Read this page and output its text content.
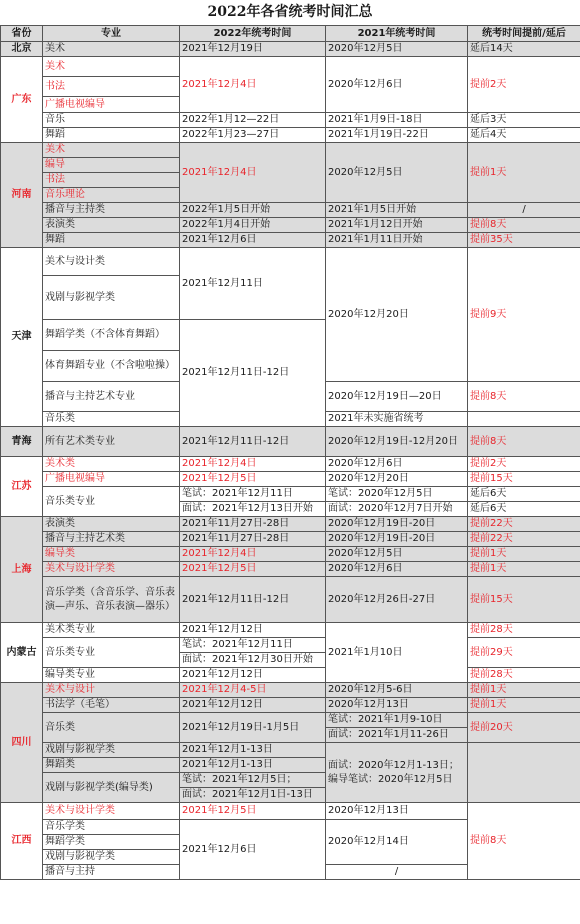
2022年各省统考时间汇总
省份	专业	2022年统考时间	2021年统考时间	统考时间提前/延后
北京	美术	2021年12月19日	2020年12月5日	延后14天
广东	美术	2021年12月4日	2020年12月6日	提前2天
	书法			
	广播电视编导			
	音乐	2022年1月12—22日	2021年1月9日-18日	延后3天
	舞蹈	2022年1月23—27日	2021年1月19日-22日	延后4天
河南	美术	2021年12月4日	2020年12月5日	提前1天
	编导			
	书法			
	音乐理论			
	播音与主持类	2022年1月5日开始	2021年1月5日开始	/
	表演类	2022年1月4日开始	2021年1月12日开始	提前8天
	舞蹈	2021年12月6日	2021年1月11日开始	提前35天
天津	美术与设计类	2021年12月11日	2020年12月20日	提前9天
	戏剧与影视学类			
	舞蹈学类（不含体育舞蹈）	2021年12月11日-12日		
	体育舞蹈专业（不含啦啦操）			
	播音与主持艺术专业		2020年12月19日—20日	提前8天
	音乐类		2021年未实施省统考	
青海	所有艺术类专业	2021年12月11日-12日	2020年12月19日-12月20日	提前8天
江苏	美术类	2021年12月4日	2020年12月6日	提前2天
	广播电视编导	2021年12月5日	2020年12月20日	提前15天
	音乐类专业	笔试：2021年12月11日	笔试：2020年12月5日	延后6天
		面试：2021年12月13日开始	面试：2020年12月7日开始	延后6天
上海	表演类	2021年11月27日-28日	2020年12月19日-20日	提前22天
	播音与主持艺术类	2021年11月27日-28日	2020年12月19日-20日	提前22天
	编导类	2021年12月4日	2020年12月5日	提前1天
	美术与设计学类	2021年12月5日	2020年12月6日	提前1天
	音乐学类（含音乐学、音乐表演—声乐、音乐表演—器乐）	2021年12月11日-12日	2020年12月26日-27日	提前15天
内蒙古	美术类专业	2021年12月12日	2021年1月10日	提前28天
	音乐类专业	笔试：2021年12月11日		提前29天
		面试：2021年12月30日开始		
	编导类专业	2021年12月12日		提前28天
四川	美术与设计	2021年12月4-5日	2020年12月5-6日	提前1天
	书法学（毛笔）	2021年12月12日	2020年12月13日	提前1天
	音乐类	2021年12月19日-1月5日	笔试：2021年1月9-10日	提前20天
			面试：2021年1月11-26日	
	戏剧与影视学类	2021年12月1-13日	面试：2020年12月1-13日；编导笔试：2020年12月5日	
	舞蹈类	2021年12月1-13日		
	戏剧与影视学类(编导类)	笔试：2021年12月5日；		
		面试：2021年12月1日-13日		
江西	美术与设计学类	2021年12月5日	2020年12月13日	提前8天
	音乐学类	2021年12月6日	2020年12月14日	
	舞蹈学类			
	戏剧与影视学类			
	播音与主持		/	
